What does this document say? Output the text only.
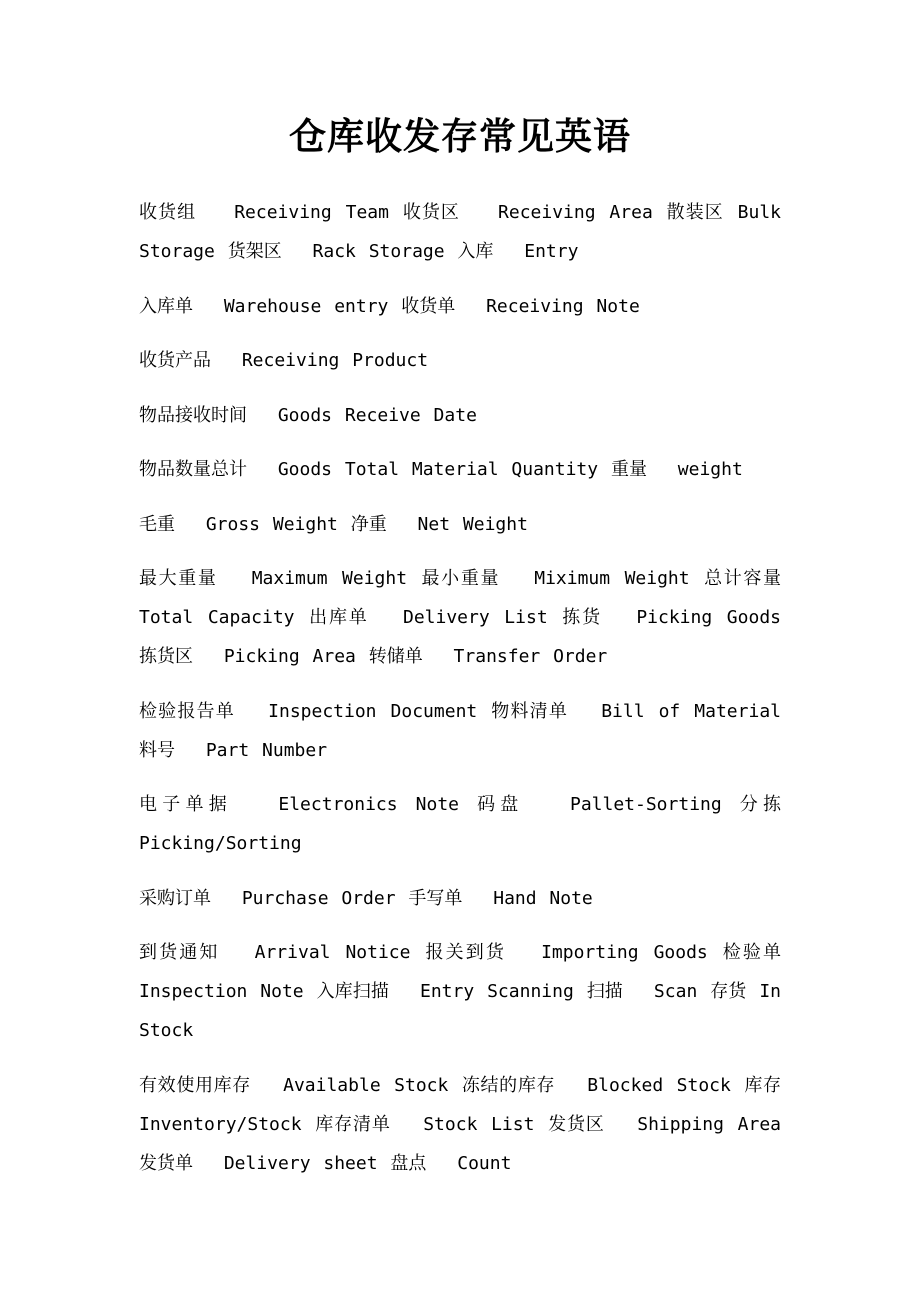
仓库收发存常见英语

收货组　　Receiving Team 收货区　　Receiving Area 散装区 Bulk Storage 货架区　 Rack Storage 入库　 Entry

入库单　 Warehouse entry 收货单　 Receiving Note

收货产品　 Receiving Product

物品接收时间　 Goods Receive Date

物品数量总计　 Goods Total Material Quantity 重量　 weight

毛重　 Gross Weight 净重　 Net Weight

最大重量　 Maximum Weight 最小重量　 Miximum Weight 总计容量 Total Capacity 出库单　 Delivery List 拣货　 Picking Goods 拣货区　 Picking Area 转储单　 Transfer Order

检验报告单　 Inspection Document 物料清单　 Bill of Material 料号　 Part Number

电子单据　　Electronics Note 码盘　　Pallet-Sorting 分拣 Picking/Sorting

采购订单　 Purchase Order 手写单　 Hand Note

到货通知　 Arrival Notice 报关到货　 Importing Goods 检验单 Inspection Note 入库扫描　 Entry Scanning 扫描　 Scan 存货 In Stock

有效使用库存　 Available Stock 冻结的库存　 Blocked Stock 库存　 Inventory/Stock 库存清单　 Stock List 发货区　 Shipping Area 发货单　 Delivery sheet 盘点　 Count
